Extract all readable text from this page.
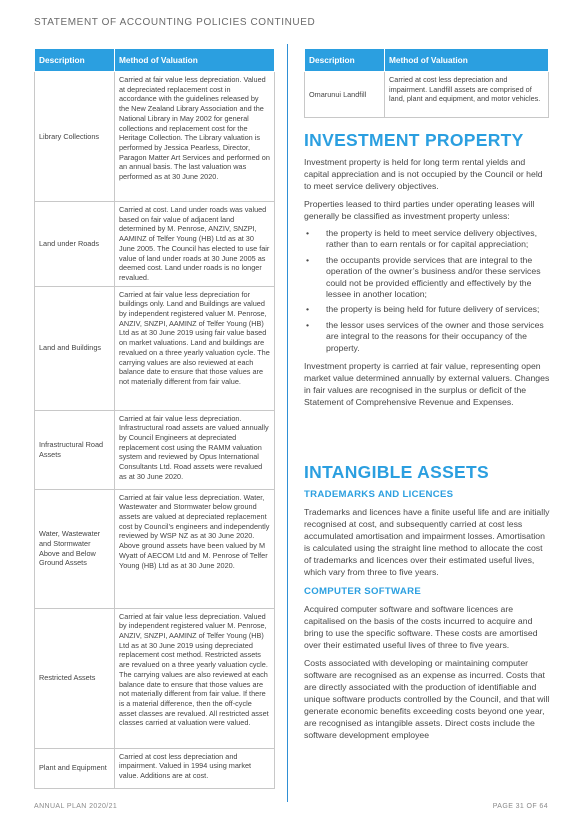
STATEMENT OF ACCOUNTING POLICIES CONTINUED
Description	Method of Valuation
Library Collections	Carried at fair value less depreciation. Valued at depreciated replacement cost in accordance with the guidelines released by the New Zealand Library Association and the National Library in May 2002 for general collections and replacement cost for the Heritage Collection. The Library valuation is performed by Jessica Pearless, Director, Paragon Matter Art Services and performed on an annual basis. The last valuation was performed as at 30 June 2020.
Land under Roads	Carried at cost. Land under roads was valued based on fair value of adjacent land determined by M. Penrose, ANZIV, SNZPI, AAMINZ of Telfer Young (HB) Ltd as at 30 June 2005. The Council has elected to use fair value of land under roads at 30 June 2005 as deemed cost. Land under roads is no longer revalued.
Land and Buildings	Carried at fair value less depreciation for buildings only. Land and Buildings are valued by independent registered valuer M. Penrose, ANZIV, SNZPI, AAMINZ of Telfer Young (HB) Ltd as at 30 June 2019 using fair value based on market valuations. Land and buildings are revalued on a three yearly valuation cycle. The carrying values are also reviewed at each balance date to ensure that those values are not materially different from fair value.
Infrastructural Road Assets	Carried at fair value less depreciation. Infrastructural road assets are valued annually by Council Engineers at depreciated replacement cost using the RAMM valuation system and reviewed by Opus International Consultants Ltd. Road assets were revalued as at 30 June 2020.
Water, Wastewater and Stormwater Above and Below Ground Assets	Carried at fair value less depreciation. Water, Wastewater and Stormwater below ground assets are valued at depreciated replacement cost by Council’s engineers and independently reviewed by WSP NZ as at 30 June 2020. Above ground assets have been valued by M Wyatt of AECOM Ltd and M. Penrose of Telfer Young (HB) Ltd as at 30 June 2020.
Restricted Assets	Carried at fair value less depreciation. Valued by independent registered valuer M. Penrose, ANZIV, SNZPI, AAMINZ of Telfer Young (HB) Ltd as at 30 June 2019 using depreciated replacement cost method. Restricted assets are revalued on a three yearly valuation cycle. The carrying values are also reviewed at each balance date to ensure that those values are not materially different from fair value. If there is a material difference, then the off-cycle asset classes are revalued. All restricted asset classes carried at valuation were valued.
Plant and Equipment	Carried at cost less depreciation and impairment. Valued in 1994 using market value. Additions are at cost.
Description	Method of Valuation
Omarunui Landfill	Carried at cost less depreciation and impairment. Landfill assets are comprised of land, plant and equipment, and motor vehicles.
INVESTMENT PROPERTY

Investment property is held for long term rental yields and capital appreciation and is not occupied by the Council or held to meet service delivery objectives.

Properties leased to third parties under operating leases will generally be classified as investment property unless:

• the property is held to meet service delivery objectives, rather than to earn rentals or for capital appreciation;
• the occupants provide services that are integral to the operation of the owner’s business and/or these services could not be provided efficiently and effectively by the lessee in another location;
• the property is being held for future delivery of services;
• the lessor uses services of the owner and those services are integral to the reasons for their occupancy of the property.

Investment property is carried at fair value, representing open market value determined annually by external valuers. Changes in fair values are recognised in the surplus or deficit of the Statement of Comprehensive Revenue and Expenses.

INTANGIBLE ASSETS
TRADEMARKS AND LICENCES

Trademarks and licences have a finite useful life and are initially recognised at cost, and subsequently carried at cost less accumulated amortisation and impairment losses. Amortisation is calculated using the straight line method to allocate the cost of trademarks and licences over their estimated useful lives, which vary from three to five years.

COMPUTER SOFTWARE

Acquired computer software and software licences are capitalised on the basis of the costs incurred to acquire and bring to use the specific software. These costs are amortised over their estimated useful lives of three to five years.

Costs associated with developing or maintaining computer software are recognised as an expense as incurred. Costs that are directly associated with the production of identifiable and unique software products controlled by the Council, and that will generate economic benefits exceeding costs beyond one year, are recognised as intangible assets. Direct costs include the software development employee

ANNUAL PLAN 2020/21	PAGE 31 OF 64
